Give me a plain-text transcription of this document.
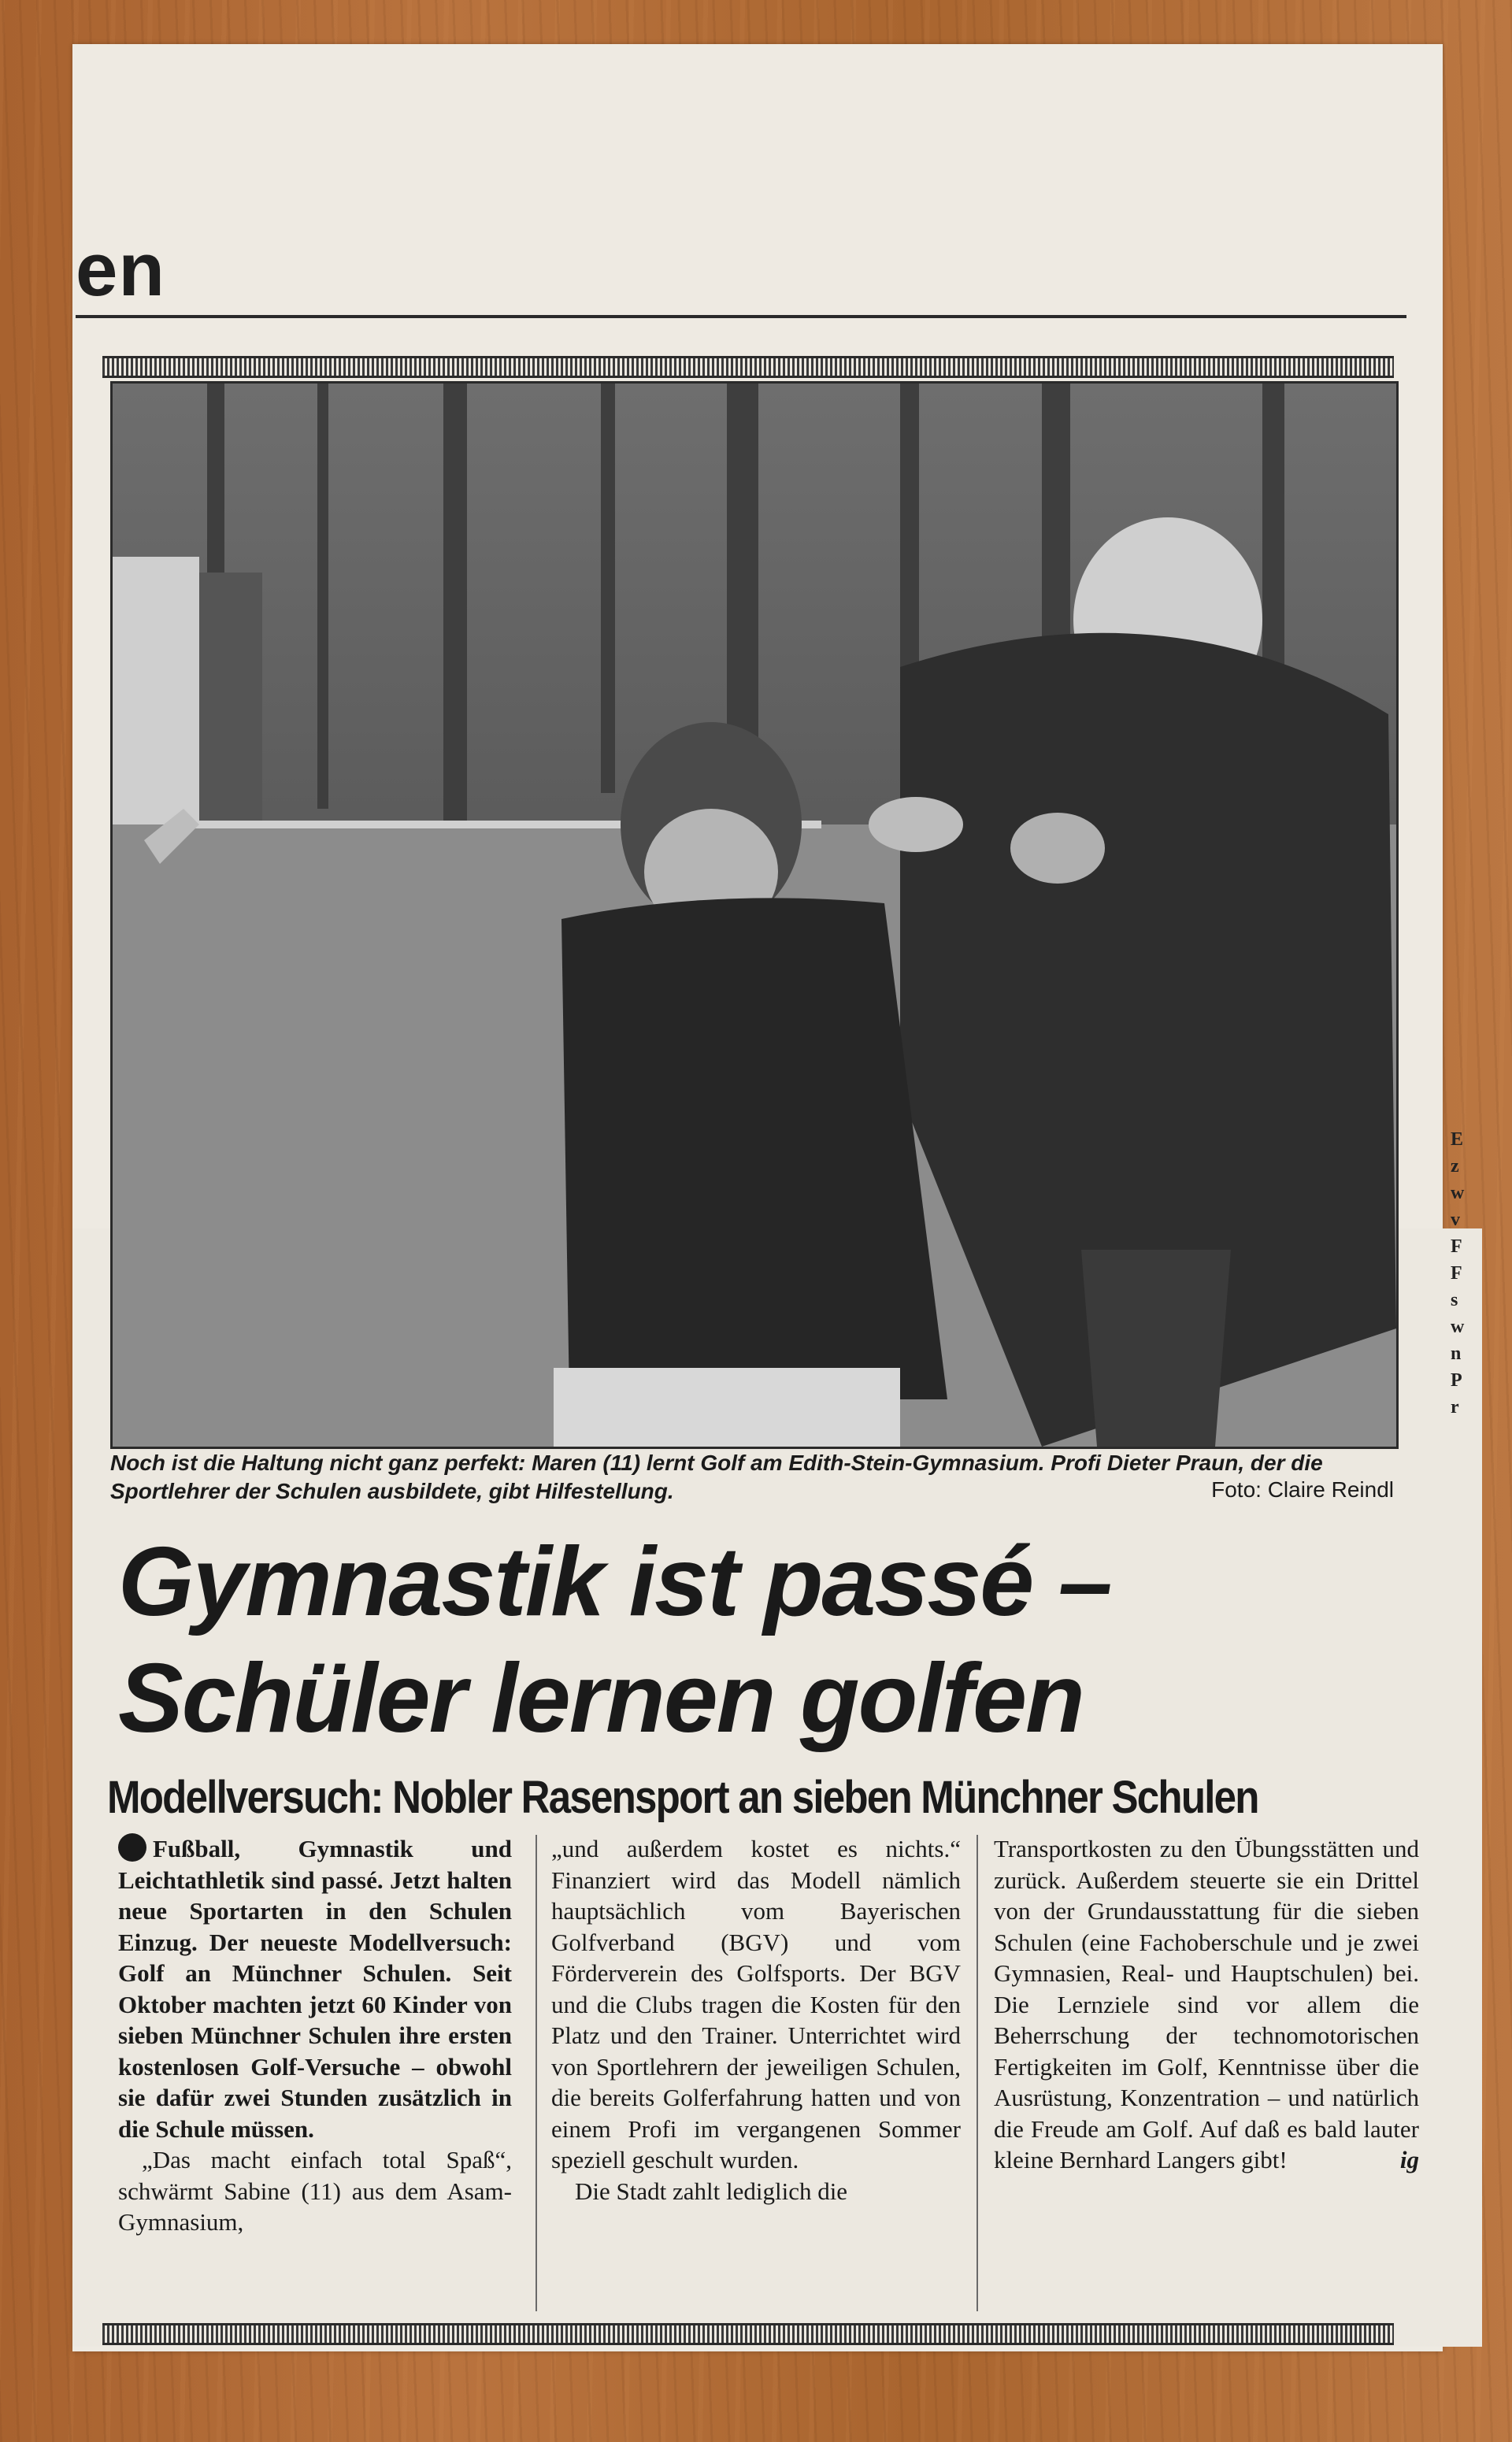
en
Noch ist die Haltung nicht ganz perfekt: Maren (11) lernt Golf am Edith-Stein-Gymnasium. Profi Dieter Praun, der die Sportlehrer der Schulen ausbildete, gibt Hilfestellung.	Foto: Claire Reindl
Gymnastik ist passé –
Schüler lernen golfen
Modellversuch: Nobler Rasensport an sieben Münchner Schulen

Fußball, Gymnastik und Leichtathletik sind passé. Jetzt halten neue Sportarten in den Schulen Einzug. Der neueste Modellversuch: Golf an Münchner Schulen. Seit Oktober machten jetzt 60 Kinder von sieben Münchner Schulen ihre ersten kostenlosen Golf-Versuche – obwohl sie dafür zwei Stunden zusätzlich in die Schule müssen.

„Das macht einfach total Spaß“, schwärmt Sabine (11) aus dem Asam-Gymnasium,

„und außerdem kostet es nichts.“ Finanziert wird das Modell nämlich hauptsächlich vom Bayerischen Golfverband (BGV) und vom Förderverein des Golfsports. Der BGV und die Clubs tragen die Kosten für den Platz und den Trainer. Unterrichtet wird von Sportlehrern der jeweiligen Schulen, die bereits Golferfahrung hatten und von einem Profi im vergangenen Sommer speziell geschult wurden.

Die Stadt zahlt lediglich die

Transportkosten zu den Übungsstätten und zurück. Außerdem steuerte sie ein Drittel von der Grundausstattung für die sieben Schulen (eine Fachoberschule und je zwei Gymnasien, Real- und Hauptschulen) bei. Die Lernziele sind vor allem die Beherrschung der technomotorischen Fertigkeiten im Golf, Kenntnisse über die Ausrüstung, Konzentration – und natürlich die Freude am Golf. Auf daß es bald lauter kleine Bernhard Langers gibt!	ig

E
z
w
v
F
F
s
w
n
P
r
